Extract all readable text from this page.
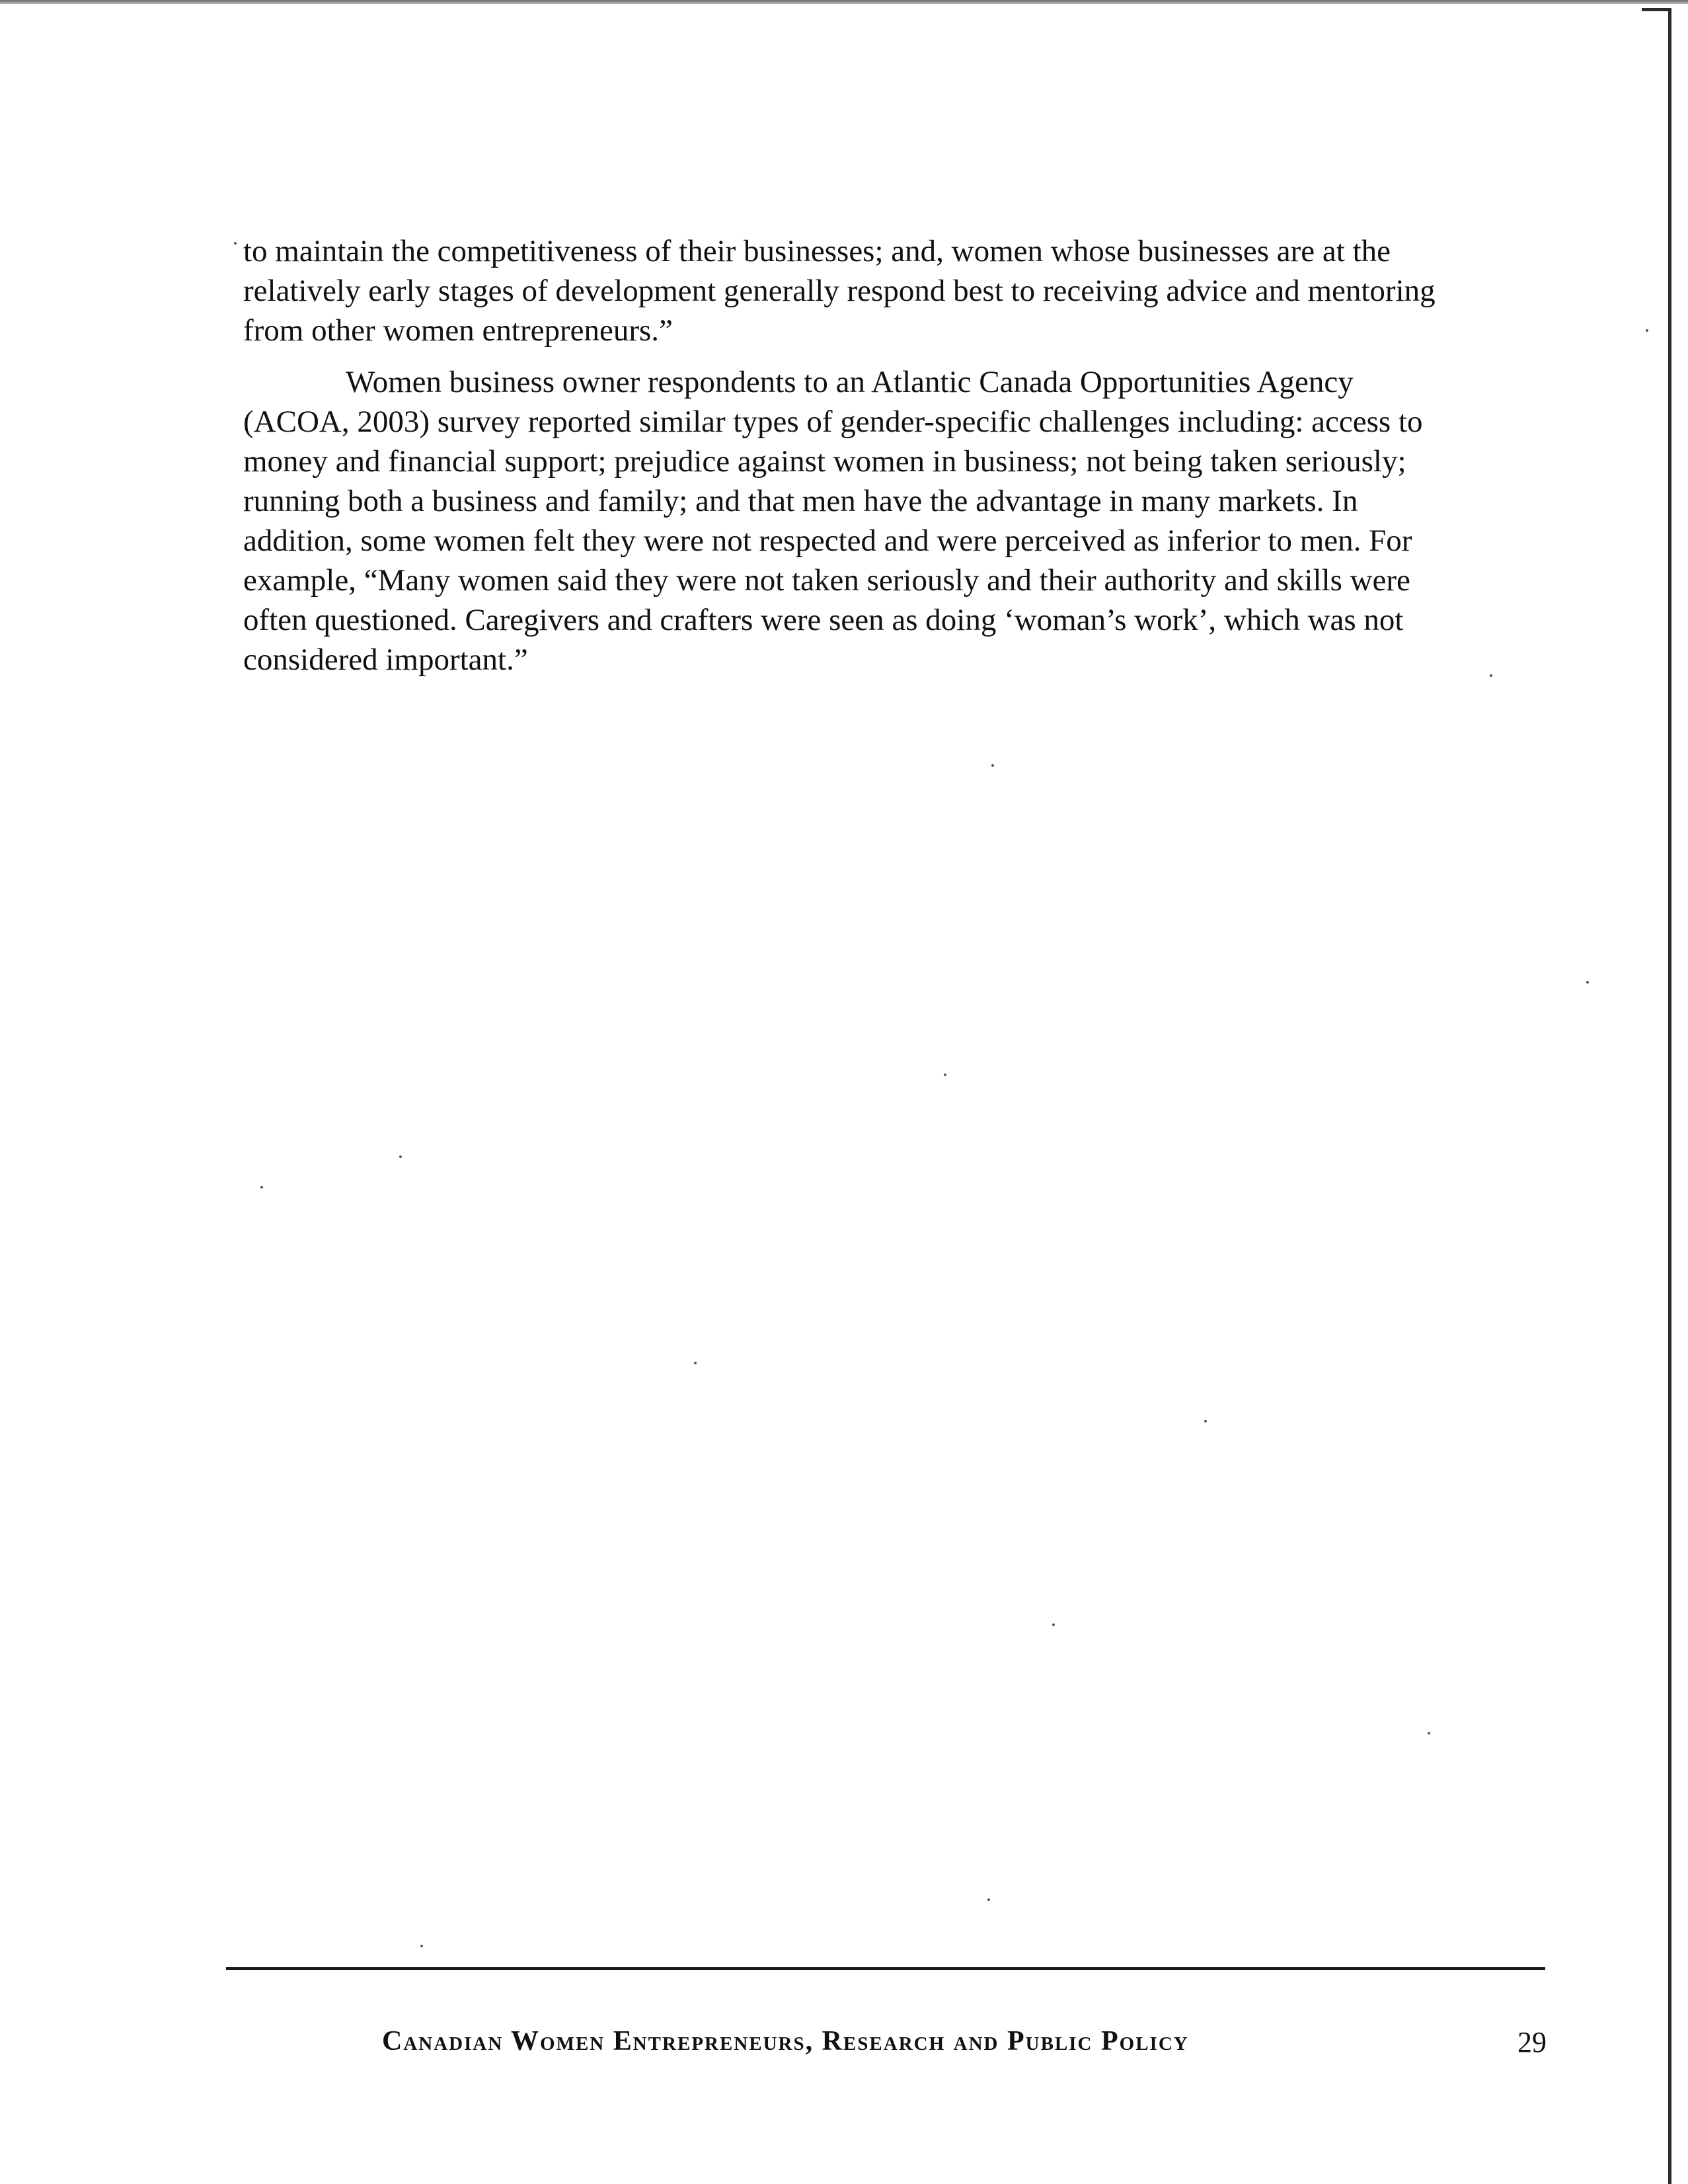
to maintain the competitiveness of their businesses; and, women whose businesses are at the
relatively early stages of development generally respond best to receiving advice and mentoring
from other women entrepreneurs.”

Women business owner respondents to an Atlantic Canada Opportunities Agency
(ACOA, 2003) survey reported similar types of gender-specific challenges including: access to
money and financial support; prejudice against women in business; not being taken seriously;
running both a business and family; and that men have the advantage in many markets. In
addition, some women felt they were not respected and were perceived as inferior to men. For
example, “Many women said they were not taken seriously and their authority and skills were
often questioned. Caregivers and crafters were seen as doing ‘woman’s work’, which was not
considered important.”

Canadian Women Entrepreneurs, Research and Public Policy	29
